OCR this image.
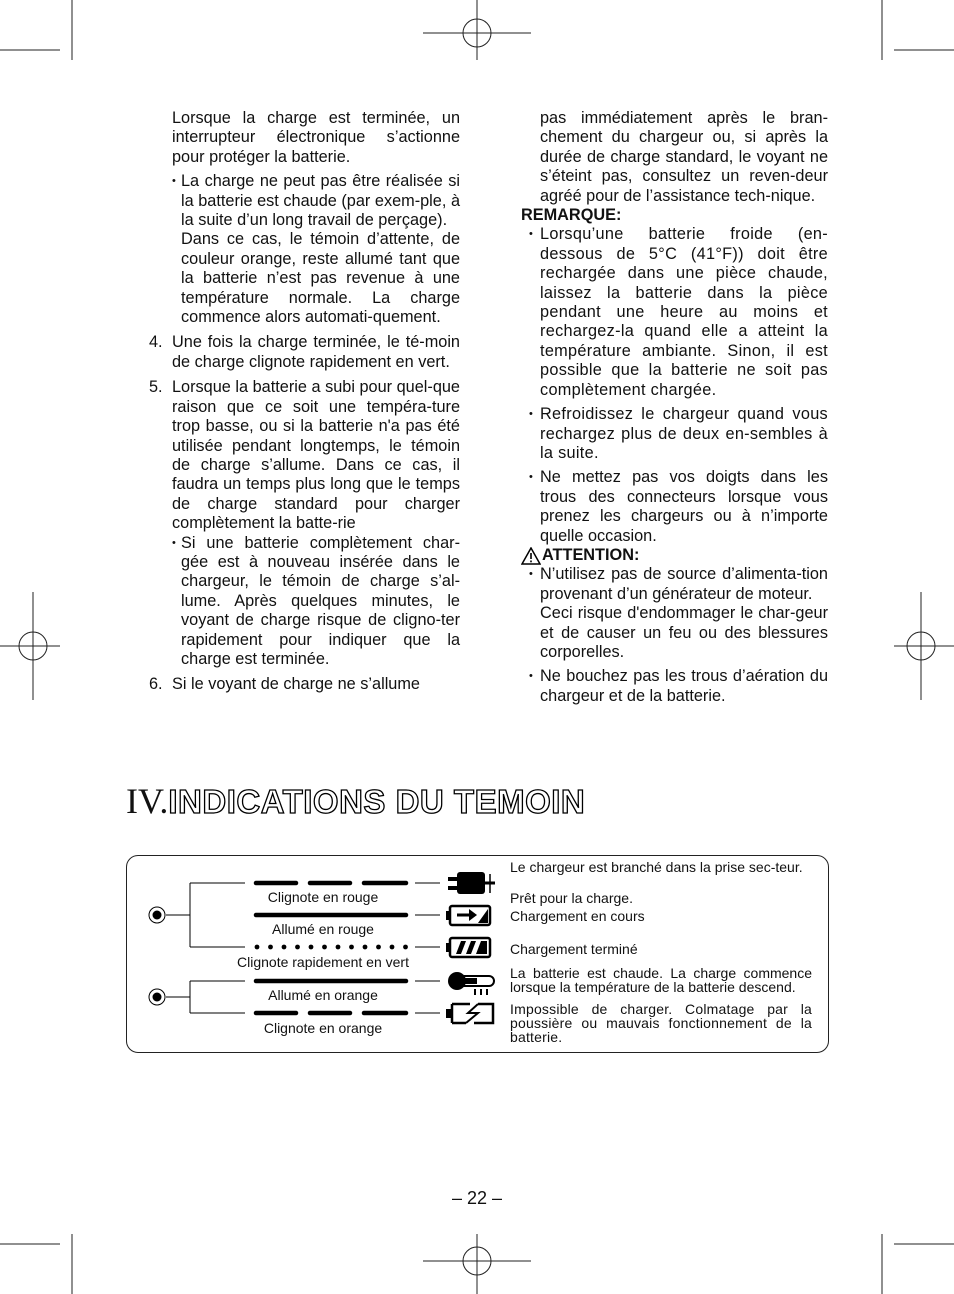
Lorsque la charge est terminée, un interrupteur électronique s’actionne pour protéger la batterie.

• La charge ne peut pas être réalisée si la batterie est chaude (par exem-ple, à la suite d’un long travail de perçage).

Dans ce cas, le témoin d’attente, de couleur orange, reste allumé tant que la batterie n’est pas revenue à une température normale. La charge commence alors automati-quement.

4. Une fois la charge terminée, le té-moin de charge clignote rapidement en vert.

5. Lorsque la batterie a subi pour quel-que raison que ce soit une tempéra-ture trop basse, ou si la batterie n'a pas été utilisée pendant longtemps, le témoin de charge s’allume. Dans ce cas, il faudra un temps plus long que le temps de charge standard pour charger complètement la batte-rie

• Si une batterie complètement char-gée est à nouveau insérée dans le chargeur, le témoin de charge s’al-lume. Après quelques minutes, le voyant de charge risque de cligno-ter rapidement pour indiquer que la charge est terminée.

6. Si le voyant de charge ne s’allume

pas immédiatement après le bran-chement du chargeur ou, si après la durée de charge standard, le voyant ne s’éteint pas, consultez un reven-deur agréé pour de l’assistance tech-nique.

REMARQUE:

• Lorsqu’une batterie froide (en-dessous de 5°C (41°F)) doit être rechargée dans une pièce chaude, laissez la batterie dans la pièce pendant une heure au moins et rechargez-la quand elle a atteint la température ambiante. Sinon, il est possible que la batterie ne soit pas complètement chargée.

• Refroidissez le chargeur quand vous rechargez plus de deux en-sembles à la suite.

• Ne mettez pas vos doigts dans les trous des connecteurs lorsque vous prenez les chargeurs ou à n’importe quelle occasion.

ATTENTION:

• N’utilisez pas de source d’alimenta-tion provenant d’un générateur de moteur.

Ceci risque d'endommager le char-geur et de causer un feu ou des blessures corporelles.

• Ne bouchez pas les trous d’aération du chargeur et de la batterie.

IV.INDICATIONS DU TEMOIN
Clignote en rouge
Allumé en rouge
Clignote rapidement en vert
Allumé en orange
Clignote en orange
Le chargeur est branché dans la prise sec-teur.
Prêt pour la charge.
Chargement en cours
Chargement terminé
La batterie est chaude. La charge commence lorsque la température de la batterie descend.
Impossible de charger. Colmatage par la poussière ou mauvais fonctionnement de la batterie.
– 22 –
